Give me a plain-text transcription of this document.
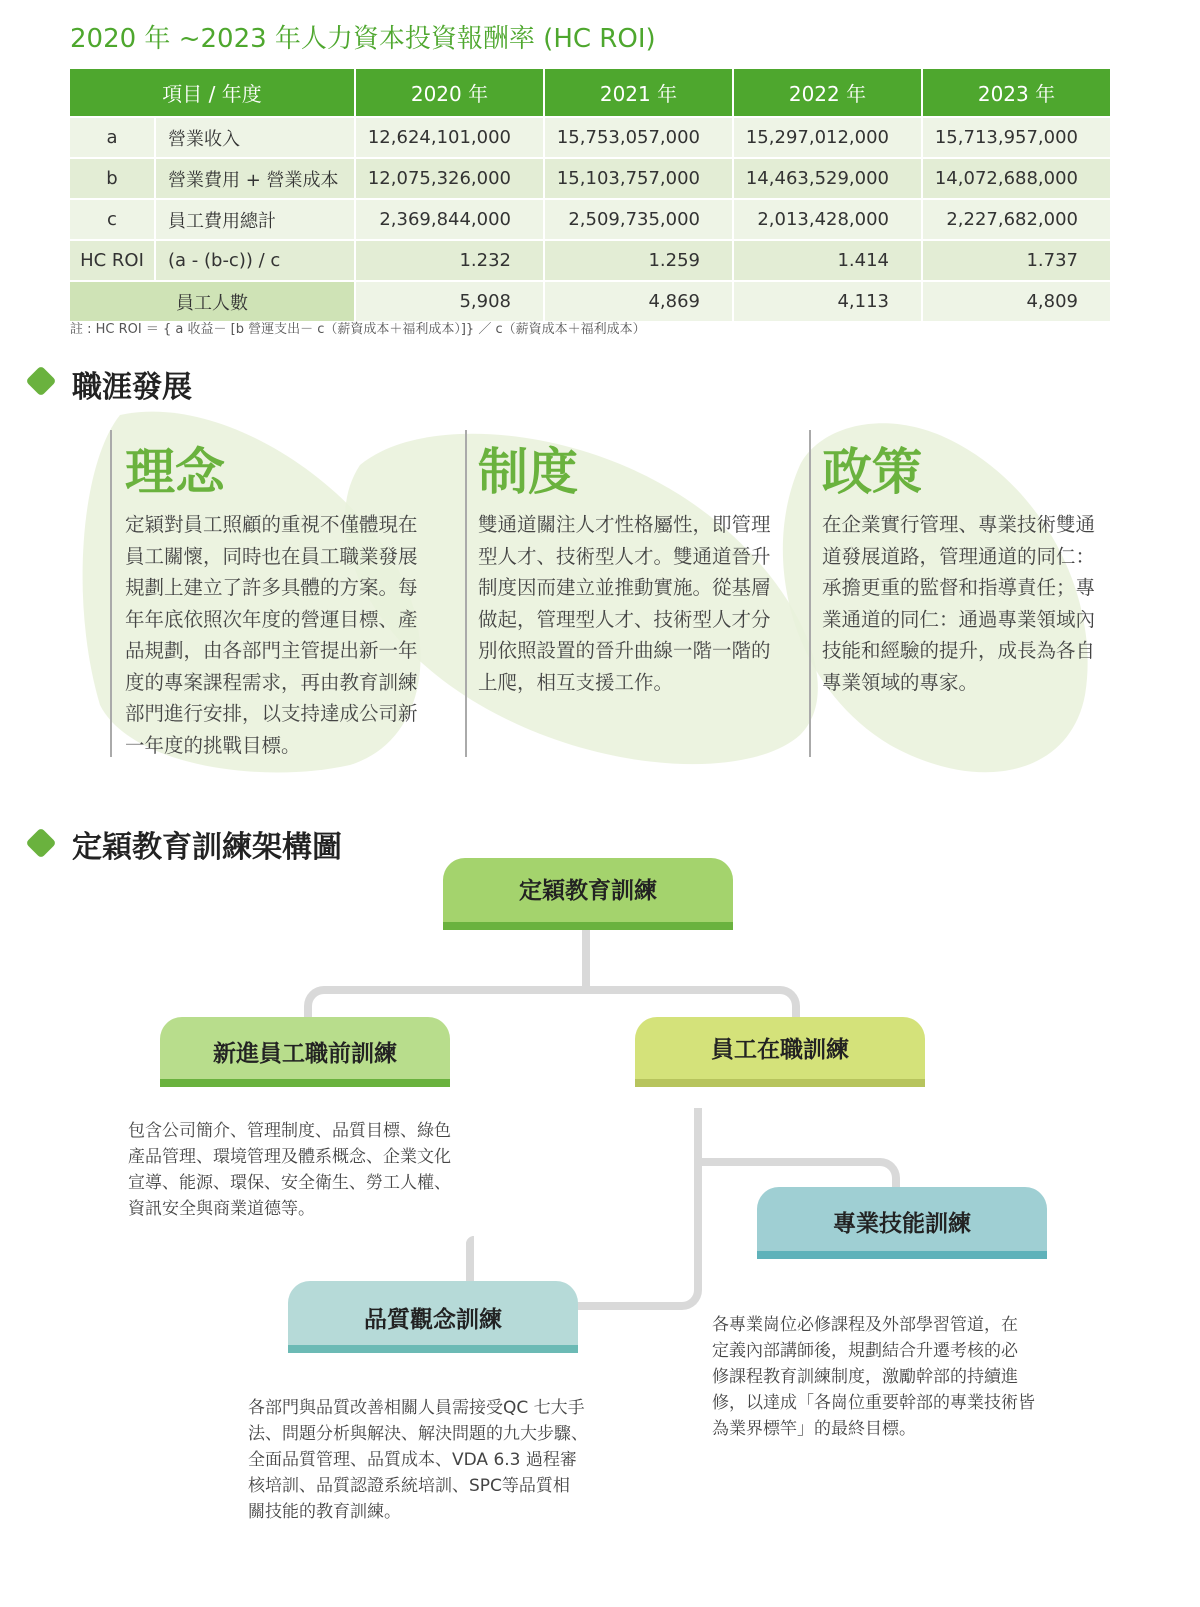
2020 年 ~2023 年人力資本投資報酬率 (HC ROI)
項目 / 年度		2020 年	2021 年	2022 年	2023 年
a	營業收入	12,624,101,000	15,753,057,000	15,297,012,000	15,713,957,000
b	營業費用 + 營業成本	12,075,326,000	15,103,757,000	14,463,529,000	14,072,688,000
c	員工費用總計	2,369,844,000	2,509,735,000	2,013,428,000	2,227,682,000
HC ROI	(a - (b-c)) / c	1.232	1.259	1.414	1.737
員工人數		5,908	4,869	4,113	4,809
註 : HC ROI ＝ { a 收益－ [b 營運支出－ c（薪資成本＋福利成本）]} ／ c（薪資成本＋福利成本）
職涯發展
理念
定穎對員工照顧的重視不僅體現在
員工關懷，同時也在員工職業發展
規劃上建立了許多具體的方案。每
年年底依照次年度的營運目標、產
品規劃，由各部門主管提出新一年
度的專案課程需求，再由教育訓練
部門進行安排，以支持達成公司新
一年度的挑戰目標。
制度
雙通道關注人才性格屬性，即管理
型人才、技術型人才。雙通道晉升
制度因而建立並推動實施。從基層
做起，管理型人才、技術型人才分
別依照設置的晉升曲線一階一階的
上爬，相互支援工作。
政策
在企業實行管理、專業技術雙通
道發展道路，管理通道的同仁：
承擔更重的監督和指導責任；專
業通道的同仁：通過專業領域內
技能和經驗的提升，成長為各自
專業領域的專家。
定穎教育訓練架構圖
定穎教育訓練
新進員工職前訓練	員工在職訓練
專業技能訓練
品質觀念訓練
包含公司簡介、管理制度、品質目標、綠色
產品管理、環境管理及體系概念、企業文化
宣導、能源、環保、安全衛生、勞工人權、
資訊安全與商業道德等。
各專業崗位必修課程及外部學習管道，在
定義內部講師後，規劃結合升遷考核的必
修課程教育訓練制度，激勵幹部的持續進
修，以達成「各崗位重要幹部的專業技術皆
為業界標竿」的最終目標。
各部門與品質改善相關人員需接受QC 七大手
法、問題分析與解決、解決問題的九大步驟、
全面品質管理、品質成本、VDA 6.3 過程審
核培訓、品質認證系統培訓、SPC等品質相
關技能的教育訓練。
